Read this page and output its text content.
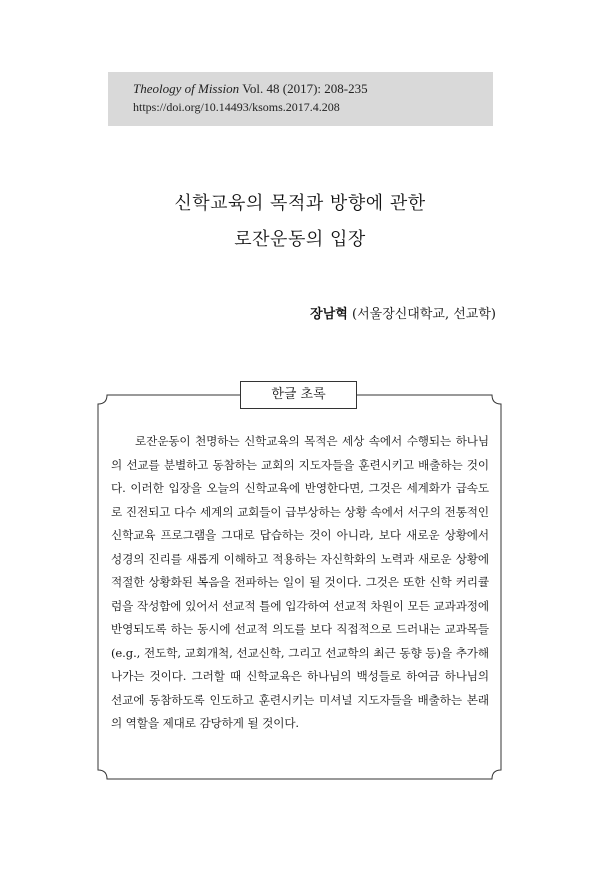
Theology of Mission Vol. 48 (2017): 208-235
https://doi.org/10.14493/ksoms.2017.4.208
신학교육의 목적과 방향에 관한
로잔운동의 입장
장남혁 (서울장신대학교, 선교학)
한글 초록
로잔운동이 천명하는 신학교육의 목적은 세상 속에서 수행되는 하나님의 선교를 분별하고 동참하는 교회의 지도자들을 훈련시키고 배출하는 것이다. 이러한 입장을 오늘의 신학교육에 반영한다면, 그것은 세계화가 급속도로 진전되고 다수 세계의 교회들이 급부상하는 상황 속에서 서구의 전통적인 신학교육 프로그램을 그대로 답습하는 것이 아니라, 보다 새로운 상황에서 성경의 진리를 새롭게 이해하고 적용하는 자신학화의 노력과 새로운 상황에 적절한 상황화된 복음을 전파하는 일이 될 것이다. 그것은 또한 신학 커리큘럼을 작성함에 있어서 선교적 틀에 입각하여 선교적 차원이 모든 교과과정에 반영되도록 하는 동시에 선교적 의도를 보다 직접적으로 드러내는 교과목들(e.g., 전도학, 교회개척, 선교신학, 그리고 선교학의 최근 동향 등)을 추가해 나가는 것이다. 그러할 때 신학교육은 하나님의 백성들로 하여금 하나님의 선교에 동참하도록 인도하고 훈련시키는 미셔널 지도자들을 배출하는 본래의 역할을 제대로 감당하게 될 것이다.
